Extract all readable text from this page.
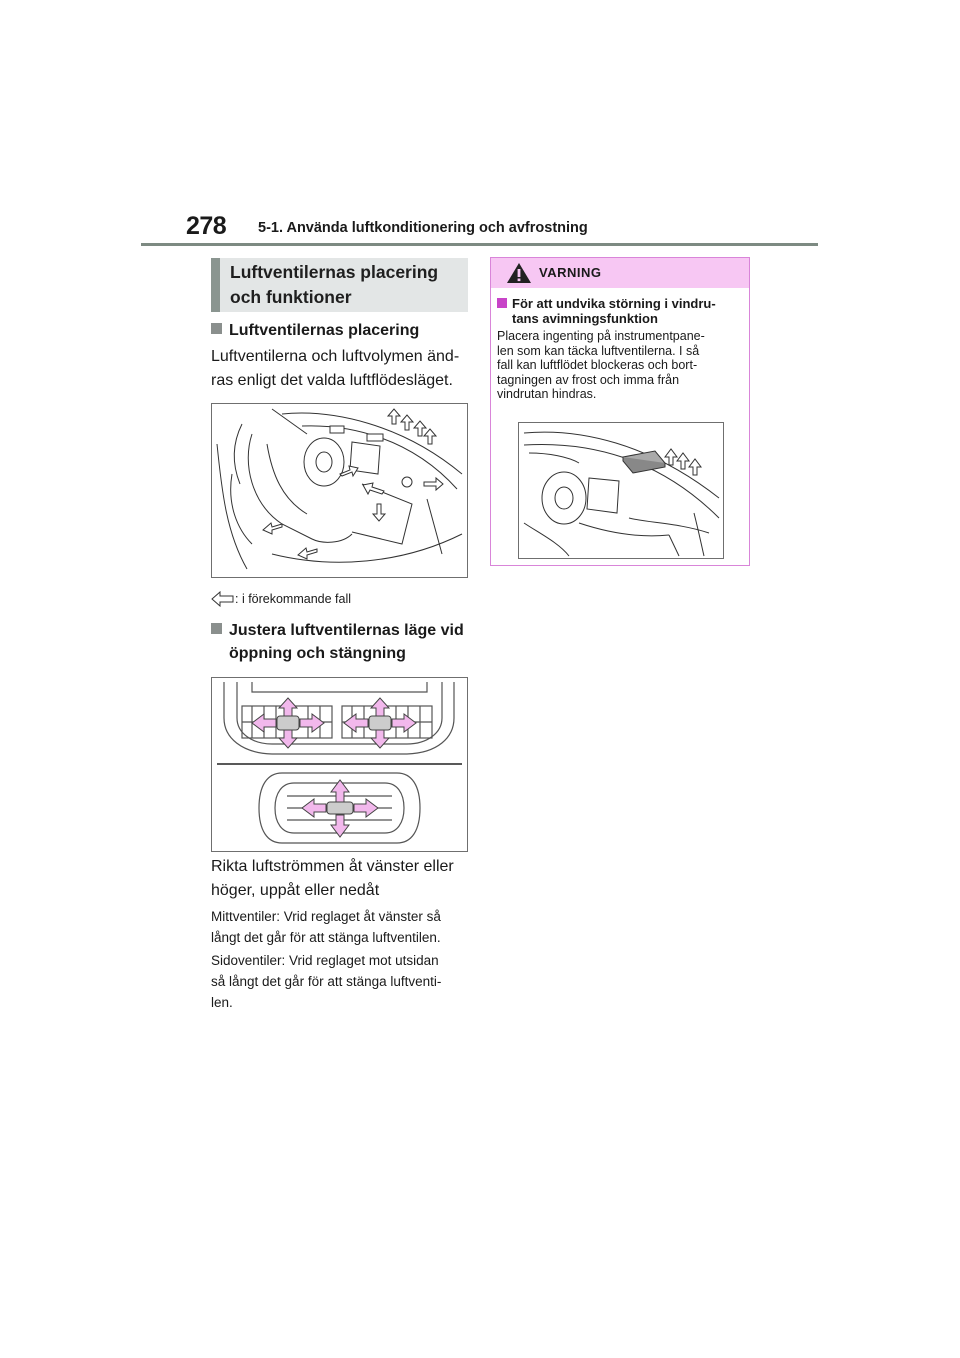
278 5-1. Använda luftkonditionering och avfrostning
Luftventilernas placering
och funktioner
Luftventilernas placering
Luftventilerna och luftvolymen änd-
ras enligt det valda luftflödesläget.
: i förekommande fall
Justera luftventilernas läge vid
öppning och stängning
Rikta luftströmmen åt vänster eller
höger, uppåt eller nedåt
Mittventiler: Vrid reglaget åt vänster så
långt det går för att stänga luftventilen.
Sidoventiler: Vrid reglaget mot utsidan
så långt det går för att stänga luftventi-
len.
VARNING
För att undvika störning i vindru-
tans avimningsfunktion
Placera ingenting på instrumentpane-
len som kan täcka luftventilerna. I så
fall kan luftflödet blockeras och bort-
tagningen av frost och imma från
vindrutan hindras.
